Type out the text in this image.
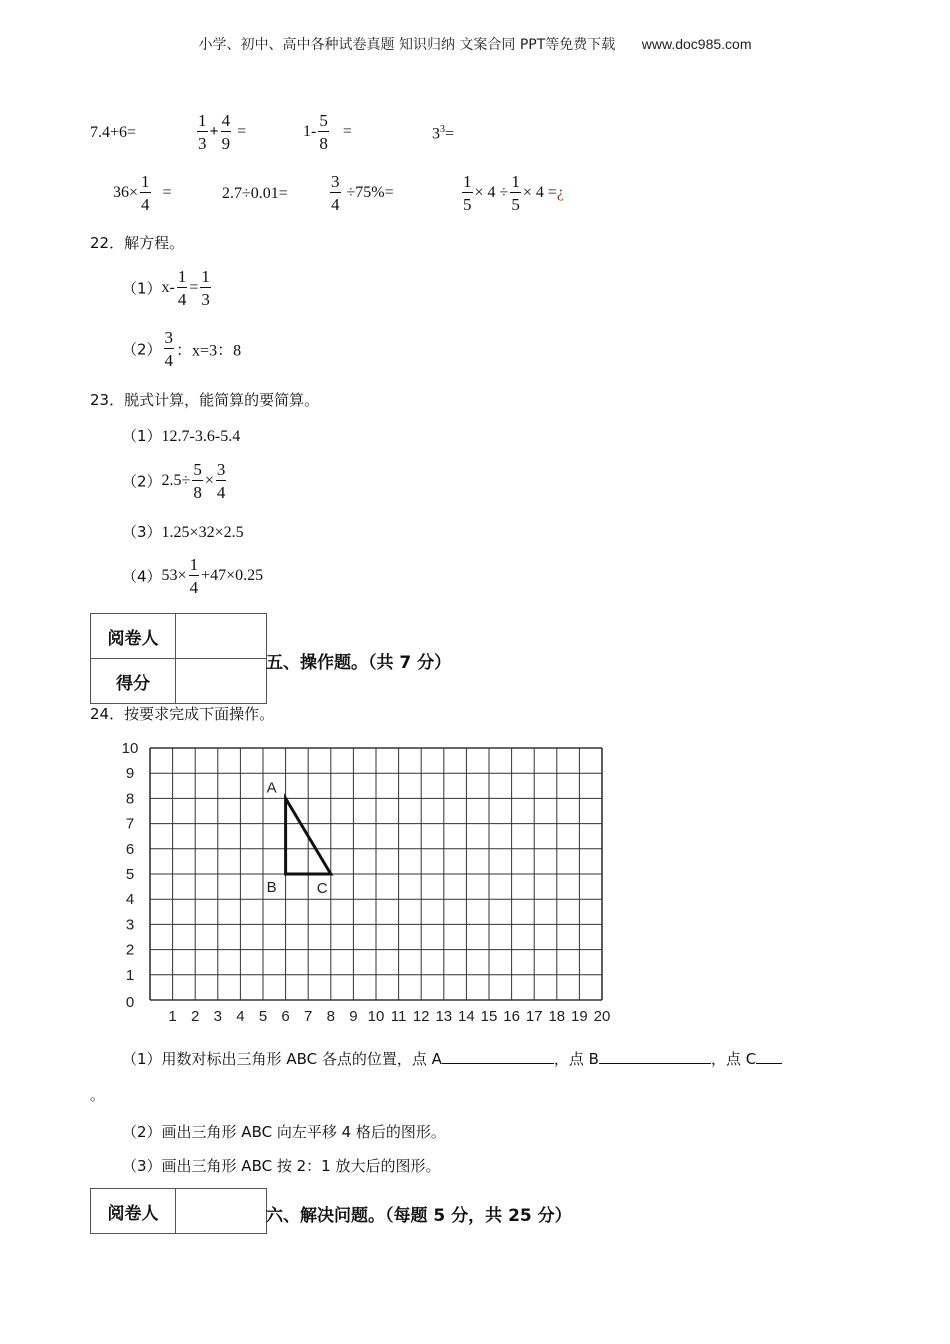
小学、初中、高中各种试卷真题 知识归纳 文案合同 PPT等免费下载 www.doc985.com
7.4+6=	$\frac{1}{3} + \frac{4}{9}$ =	$1- \frac{5}{8}$ =	$3^3=$
$36\times \frac{1}{4}$ =	$2.7\div 0.01= \frac{3}{4} \div 75\%=$	$\frac{1}{5} \times 4 \div \frac{1}{5} \times 4$ =¿
22．解方程。
$(1)x- \frac{1}{4} = \frac{1}{3}$
$(2) \frac{3}{4}$ ：x=3：8
23．脱式计算，能简算的要简算。
（1）12.7-3.6-5.4
$(2)2.5\div \frac{5}{8} \times \frac{3}{4}$
（3）1.25×32×2.5
$(4)53\times \frac{1}{4} +47\times 0.25$
阅卷人	
得分	
五、操作题。（共 7 分）
24．按要求完成下面操作。
1 2 3 4 5 6 7 8 9 10 11 12 13 14 15 16 17 18 19 20
0
1
2
3
4
5
6
7
8
9
10
A
B	C
（1）用数对标出三角形 ABC 各点的位置，点 A	，点 B	，点 C
。
（2）画出三角形 ABC 向左平移 4 格后的图形。
（3）画出三角形 ABC 按 2：1 放大后的图形。
阅卷人		六、解决问题。（每题 5 分，共 25 分）
